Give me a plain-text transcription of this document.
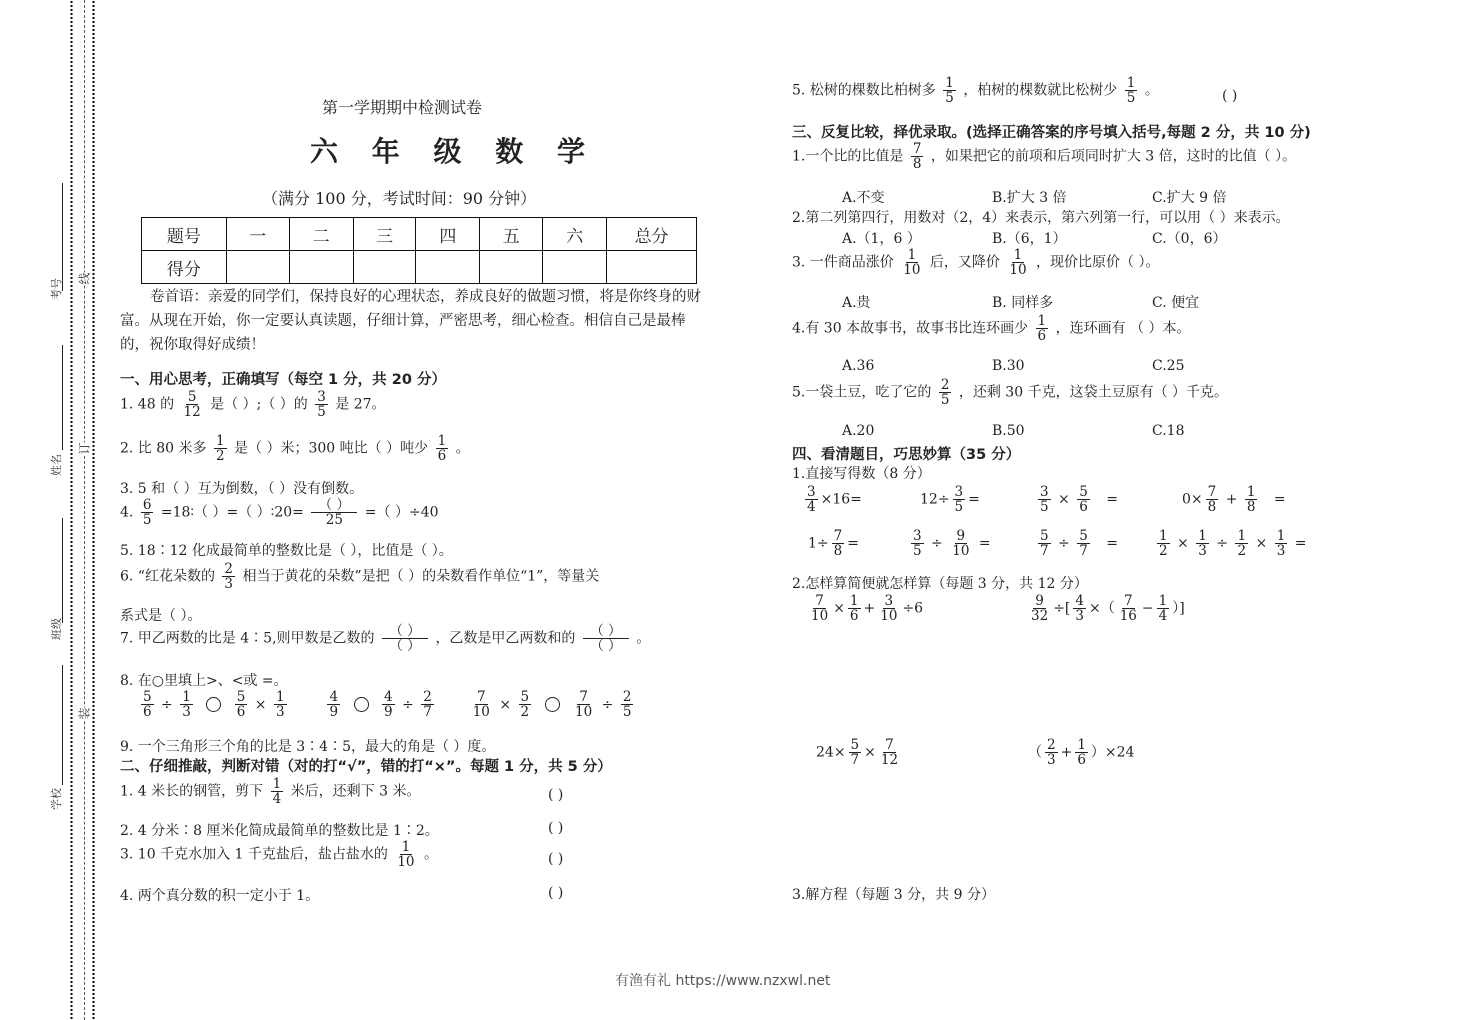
考号
姓名
班级
学校
线
订
装
第一学期期中检测试卷
六 年 级 数 学
（满分 100 分，考试时间：90 分钟）
题号	一	二	三	四	五	六	总分
得分							
卷首语：亲爱的同学们，保持良好的心理状态，养成良好的做题习惯，将是你终身的财富。从现在开始，你一定要认真读题，仔细计算，严密思考，细心检查。相信自己是最棒的，祝你取得好成绩！
一、用心思考，正确填写（每空 1 分，共 20 分）
1. 48 的 $\frac{5}{12}$ 是（ ）;（ ）的 $\frac{3}{5}$ 是 27。
2. 比 80 米多 $\frac{1}{2}$ 是（ ）米；300 吨比（ ）吨少 $\frac{1}{6}$ 。
3. 5 和（ ）互为倒数，（ ）没有倒数。
4. $\frac{6}{5}$ =18∶（ ）=（ ）∶20= $\frac{( )}{25}$ =（ ）÷40
5. 18∶12 化成最简单的整数比是（ ），比值是（ ）。
6. “红花朵数的 $\frac{2}{3}$ 相当于黄花的朵数”是把（ ）的朵数看作单位“1”，等量关
系式是（ ）。
7. 甲乙两数的比是 4∶5,则甲数是乙数的 $\frac{( )}{( )}$ ，乙数是甲乙两数和的 $\frac{( )}{( )}$ 。
8. 在○里填上>、<或 =。
$\frac{5}{6} \div \frac{1}{3}$
	$\frac{5}{6} \times \frac{1}{3}$
	$\frac{4}{9}$
	$\frac{4}{9} \div \frac{2}{7}$
	$\frac{7}{10} \times \frac{5}{2}$
	$\frac{7}{10} \div \frac{2}{5}$
9. 一个三角形三个角的比是 3∶4∶5，最大的角是（ ）度。
二、仔细推敲，判断对错（对的打“√”，错的打“×”。每题 1 分，共 5 分）
1. 4 米长的钢管，剪下 $\frac{1}{4}$ 米后，还剩下 3 米。	( )
2. 4 分米∶8 厘米化简成最简单的整数比是 1∶2。	( )
3. 10 千克水加入 1 千克盐后，盐占盐水的 $\frac{1}{10}$ 。	( )
4. 两个真分数的积一定小于 1。	( )
5. 松树的棵数比柏树多 $\frac{1}{5}$ ，柏树的棵数就比松树少 $\frac{1}{5}$ 。	( )
三、反复比较，择优录取。(选择正确答案的序号填入括号,每题 2 分，共 10 分)
1.一个比的比值是 $\frac{7}{8}$ ，如果把它的前项和后项同时扩大 3 倍，这时的比值（ ）。
A.不变	B.扩大 3 倍	C.扩大 9 倍
2.第二列第四行，用数对（2，4）来表示，第六列第一行，可以用（ ）来表示。
A.（1，6 ）	B.（6，1）	C.（0，6）
3. 一件商品涨价 $\frac{1}{10}$ 后，又降价 $\frac{1}{10}$ ，现价比原价（ ）。
A.贵	B. 同样多	C. 便宜
4.有 30 本故事书，故事书比连环画少 $\frac{1}{6}$ ，连环画有 （ ）本。
A.36	B.30	C.25
5.一袋土豆，吃了它的 $\frac{2}{5}$ ，还剩 30 千克，这袋土豆原有（ ）千克。
A.20	B.50	C.18
四、看清题目，巧思妙算（35 分）
1.直接写得数（8 分）
$\frac{3}{4} \times 16=$	$12\div \frac{3}{5}$ =	$\frac{3}{5} \times \frac{5}{6}$ =	$0\times \frac{7}{8} + \frac{1}{8}$ =
$1\div \frac{7}{8}$ =	$\frac{3}{5} \div \frac{9}{10}$ =	$\frac{5}{7} \div \frac{5}{7}$ =	$\frac{1}{2} \times \frac{1}{3} \div \frac{1}{2} \times \frac{1}{3}$ =
2.怎样算简便就怎样算（每题 3 分，共 12 分）
$\frac{7}{10} \times \frac{1}{6} + \frac{3}{10} \div 6$	$\frac{9}{32}$ ÷[ $\frac{4}{3}$ ×（ $\frac{7}{16} - \frac{1}{4}$ ）]
$24\times \frac{5}{7} \times \frac{7}{12}$	（ $\frac{2}{3} + \frac{1}{6} )\times 24$
3.解方程（每题 3 分，共 9 分）
有渔有礼 https://www.nzxwl.net
